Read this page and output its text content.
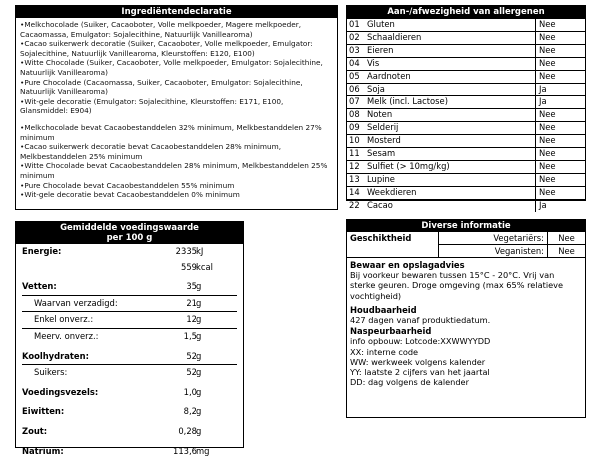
Ingrediëntendeclaratie
• Melkchocolade (Suiker, Cacaoboter, Volle melkpoeder, Magere melkpoeder, Cacaomassa, Emulgator: Sojalecithine, Natuurlijk Vanillearoma)
• Cacao suikerwerk decoratie (Suiker, Cacaoboter, Volle melkpoeder, Emulgator: Sojalecithine, Natuurlijk Vanillearoma, Kleurstoffen: E120, E100)
• Witte Chocolade (Suiker, Cacaoboter, Volle melkpoeder, Emulgator: Sojalecithine, Natuurlijk Vanillearoma)
• Pure Chocolade (Cacaomassa, Suiker, Cacaoboter, Emulgator: Sojalecithine, Natuurlijk Vanillearoma)
• Wit-gele decoratie (Emulgator: Sojalecithine, Kleurstoffen: E171, E100, Glansmiddel: E904)
• Melkchocolade bevat Cacaobestanddelen 32% minimum, Melkbestanddelen 27% minimum
• Cacao suikerwerk decoratie bevat Cacaobestanddelen 28% minimum, Melkbestanddelen 25% minimum
• Witte Chocolade bevat Cacaobestanddelen 28% minimum, Melkbestanddelen 25% minimum
• Pure Chocolade bevat Cacaobestanddelen 55% minimum
• Wit-gele decoratie bevat Cacaobestanddelen 0% minimum
Aan-/afwezigheid van allergenen
01	Gluten	Nee
02	Schaaldieren	Nee
03	Eieren	Nee
04	Vis	Nee
05	Aardnoten	Nee
06	Soja	Ja
07	Melk (incl. Lactose)	Ja
08	Noten	Nee
09	Selderij	Nee
10	Mosterd	Nee
11	Sesam	Nee
12	Sulfiet (> 10mg/kg)	Nee
13	Lupine	Nee
14	Weekdieren	Nee
22	Cacao	Ja
Gemiddelde voedingswaarde
per 100 g
Energie:	2335 kJ
559 kcal
Vetten:	35 g
Waarvan verzadigd:	21 g
Enkel onverz.:	12 g
Meerv. onverz.:	1,5 g
Koolhydraten:	52 g
Suikers:	52 g
Voedingsvezels:	1,0 g
Eiwitten:	8,2 g
Zout:	0,28 g
Natrium:	113,6 mg
Diverse informatie
Geschiktheid	Vegetariërs:	Nee
Veganisten:	Nee
Bewaar en opslagadvies
Bij voorkeur bewaren tussen 15°C - 20°C. Vrij van sterke geuren. Droge omgeving (max 65% relatieve vochtigheid)
Houdbaarheid
427 dagen vanaf produktiedatum.
Naspeurbaarheid
info opbouw: Lotcode:XXWWYYDD
XX: interne code
WW: werkweek volgens kalender
YY: laatste 2 cijfers van het jaartal
DD: dag volgens de kalender
